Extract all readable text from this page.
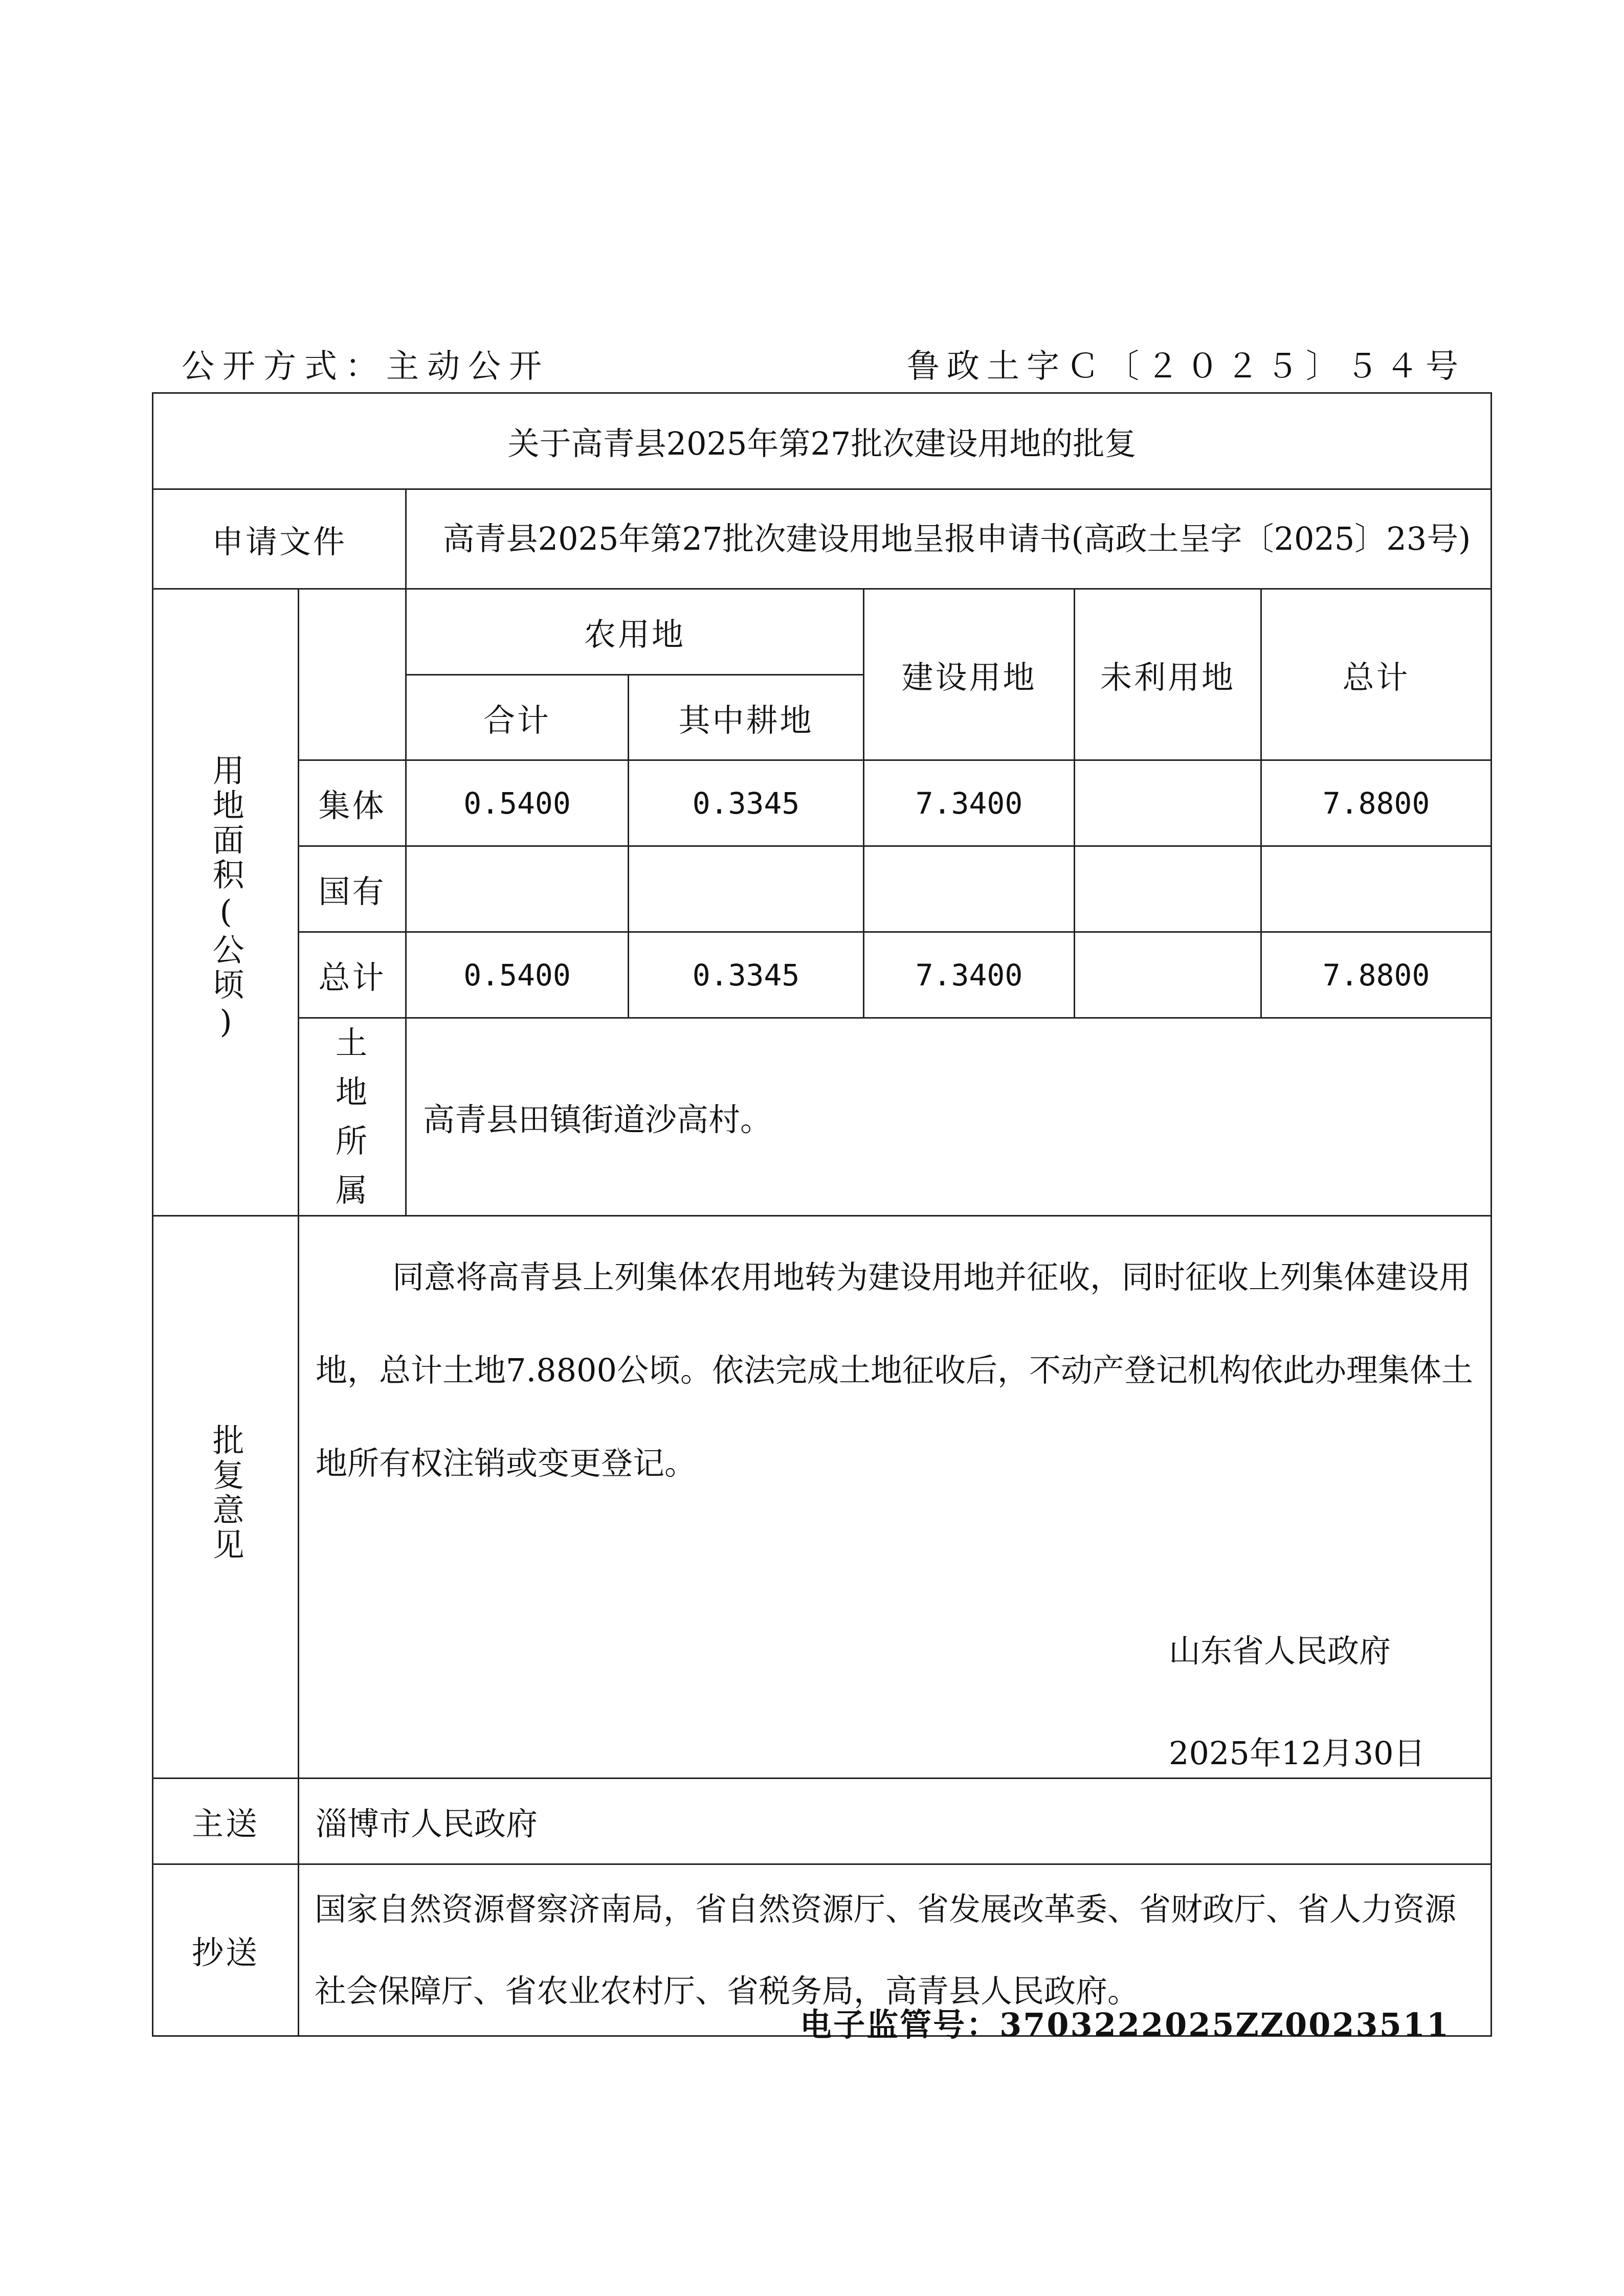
公开方式：主动公开	鲁政土字Ｃ〔２０２５〕５４号
关于高青县2025年第27批次建设用地的批复						
申请文件		高青县2025年第27批次建设用地呈报申请书(高政土呈字〔2025〕23号)				
用地面积(公顷)		农用地		建设用地	未利用地	总计
		合计	其中耕地			
	集体	0.5400	0.3345	7.3400		7.8800
	国有					
	总计	0.5400	0.3345	7.3400		7.8800

	土地所属	高青县田镇街道沙高村。				
批复意见	同意将高青县上列集体农用地转为建设用地并征收，同时征收上列集体建设用地，总计土地7.8800公顷。依法完成土地征收后，不动产登记机构依此办理集体土地所有权注销或变更登记。
山东省人民政府
2025年12月30日					

主送	淄博市人民政府					
抄送	国家自然资源督察济南局，省自然资源厅、省发展改革委、省财政厅、省人力资源社会保障厅、省农业农村厅、省税务局，高青县人民政府。					
电子监管号：3703222025ZZ0023511
